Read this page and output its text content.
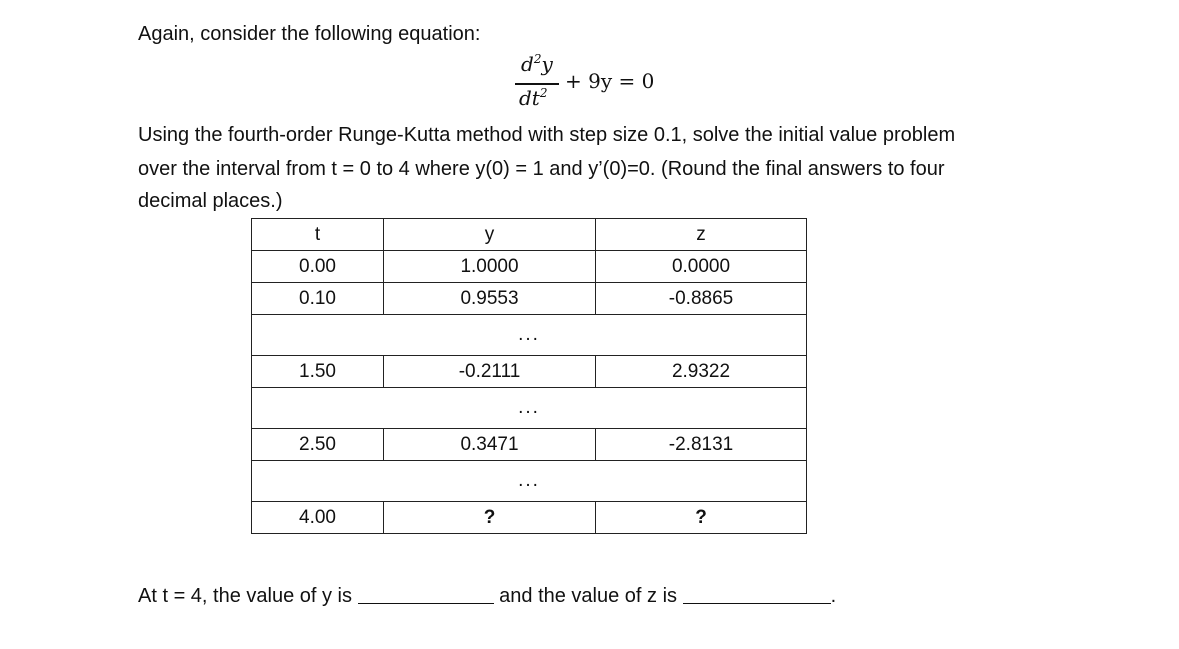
Again, consider the following equation:
$d^2y$
$dt^2 + 9y = 0$
Using the fourth-order Runge-Kutta method with step size 0.1, solve the initial value problem
over the interval from t = 0 to 4 where y(0) = 1 and y’(0)=0. (Round the final answers to four
decimal places.)
t	y	z
0.00	1.0000	0.0000
0.10	0.9553	-0.8865
...		
1.50	-0.2111	2.9322
...		
2.50	0.3471	-2.8131
...		
4.00	?	?
At t = 4, the value of y is	and the value of z is	.
